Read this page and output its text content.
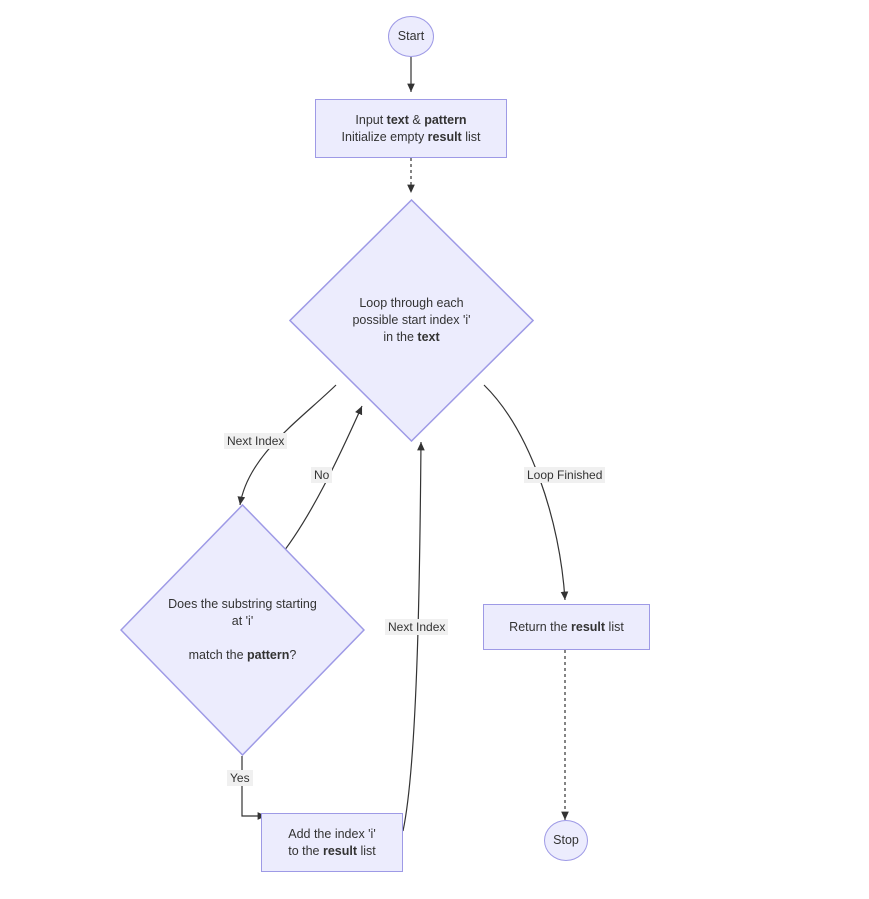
Start
Input text & pattern
Initialize empty result list
Loop through each
possible start index 'i'
in the text
Does the substring starting
at 'i'
match the pattern?
Add the index 'i'
to the result list
Return the result list
Stop
Next Index
No	Loop Finished
Next Index
Yes
